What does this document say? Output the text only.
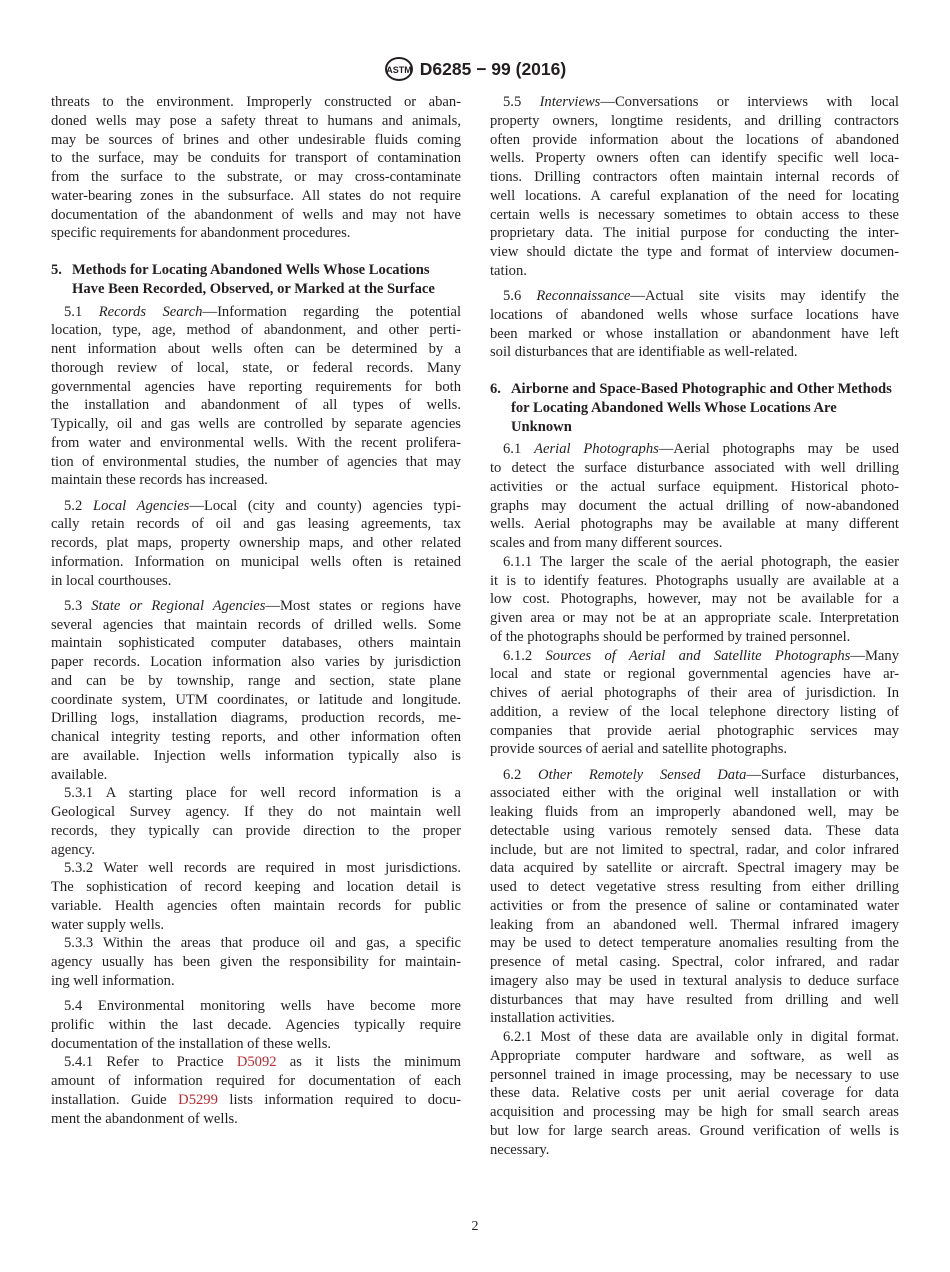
ASTM D6285 − 99 (2016)
threats to the environment. Improperly constructed or aban-
doned wells may pose a safety threat to humans and animals,
may be sources of brines and other undesirable fluids coming
to the surface, may be conduits for transport of contamination
from the surface to the substrate, or may cross-contaminate
water-bearing zones in the subsurface. All states do not require
documentation of the abandonment of wells and may not have
specific requirements for abandonment procedures.
5. Methods for Locating Abandoned Wells Whose Locations Have Been Recorded, Observed, or Marked at the Surface
5.1 Records Search—Information regarding the potential
location, type, age, method of abandonment, and other perti-
nent information about wells often can be determined by a
thorough review of local, state, or federal records. Many
governmental agencies have reporting requirements for both
the installation and abandonment of all types of wells.
Typically, oil and gas wells are controlled by separate agencies
from water and environmental wells. With the recent prolifera-
tion of environmental studies, the number of agencies that may
maintain these records has increased.
5.2 Local Agencies—Local (city and county) agencies typi-
cally retain records of oil and gas leasing agreements, tax
records, plat maps, property ownership maps, and other related
information. Information on municipal wells often is retained
in local courthouses.
5.3 State or Regional Agencies—Most states or regions have
several agencies that maintain records of drilled wells. Some
maintain sophisticated computer databases, others maintain
paper records. Location information also varies by jurisdiction
and can be by township, range and section, state plane
coordinate system, UTM coordinates, or latitude and longitude.
Drilling logs, installation diagrams, production records, me-
chanical integrity testing reports, and other information often
are available. Injection wells information typically also is
available.
5.3.1 A starting place for well record information is a
Geological Survey agency. If they do not maintain well
records, they typically can provide direction to the proper
agency.
5.3.2 Water well records are required in most jurisdictions.
The sophistication of record keeping and location detail is
variable. Health agencies often maintain records for public
water supply wells.
5.3.3 Within the areas that produce oil and gas, a specific
agency usually has been given the responsibility for maintain-
ing well information.
5.4 Environmental monitoring wells have become more
prolific within the last decade. Agencies typically require
documentation of the installation of these wells.
5.4.1 Refer to Practice D5092 as it lists the minimum
amount of information required for documentation of each
installation. Guide D5299 lists information required to docu-
ment the abandonment of wells.
5.5 Interviews—Conversations or interviews with local
property owners, longtime residents, and drilling contractors
often provide information about the locations of abandoned
wells. Property owners often can identify specific well loca-
tions. Drilling contractors often maintain internal records of
well locations. A careful explanation of the need for locating
certain wells is necessary sometimes to obtain access to these
proprietary data. The initial purpose for conducting the inter-
view should dictate the type and format of interview documen-
tation.
5.6 Reconnaissance—Actual site visits may identify the
locations of abandoned wells whose surface locations have
been marked or whose installation or abandonment have left
soil disturbances that are identifiable as well-related.
6. Airborne and Space-Based Photographic and Other Methods for Locating Abandoned Wells Whose Locations Are Unknown
6.1 Aerial Photographs—Aerial photographs may be used
to detect the surface disturbance associated with well drilling
activities or the actual surface equipment. Historical photo-
graphs may document the actual drilling of now-abandoned
wells. Aerial photographs may be available at many different
scales and from many different sources.
6.1.1 The larger the scale of the aerial photograph, the easier
it is to identify features. Photographs usually are available at a
low cost. Photographs, however, may not be available for a
given area or may not be at an appropriate scale. Interpretation
of the photographs should be performed by trained personnel.
6.1.2 Sources of Aerial and Satellite Photographs—Many
local and state or regional governmental agencies have ar-
chives of aerial photographs of their area of jurisdiction. In
addition, a review of the local telephone directory listing of
companies that provide aerial photographic services may
provide sources of aerial and satellite photographs.
6.2 Other Remotely Sensed Data—Surface disturbances,
associated either with the original well installation or with
leaking fluids from an improperly abandoned well, may be
detectable using various remotely sensed data. These data
include, but are not limited to spectral, radar, and color infrared
data acquired by satellite or aircraft. Spectral imagery may be
used to detect vegetative stress resulting from either drilling
activities or from the presence of saline or contaminated water
leaking from an abandoned well. Thermal infrared imagery
may be used to detect temperature anomalies resulting from the
presence of metal casing. Spectral, color infrared, and radar
imagery also may be used in textural analysis to deduce surface
disturbances that may have resulted from drilling and well
installation activities.
6.2.1 Most of these data are available only in digital format.
Appropriate computer hardware and software, as well as
personnel trained in image processing, may be necessary to use
these data. Relative costs per unit aerial coverage for data
acquisition and processing may be high for small search areas
but low for large search areas. Ground verification of wells is
necessary.
2
